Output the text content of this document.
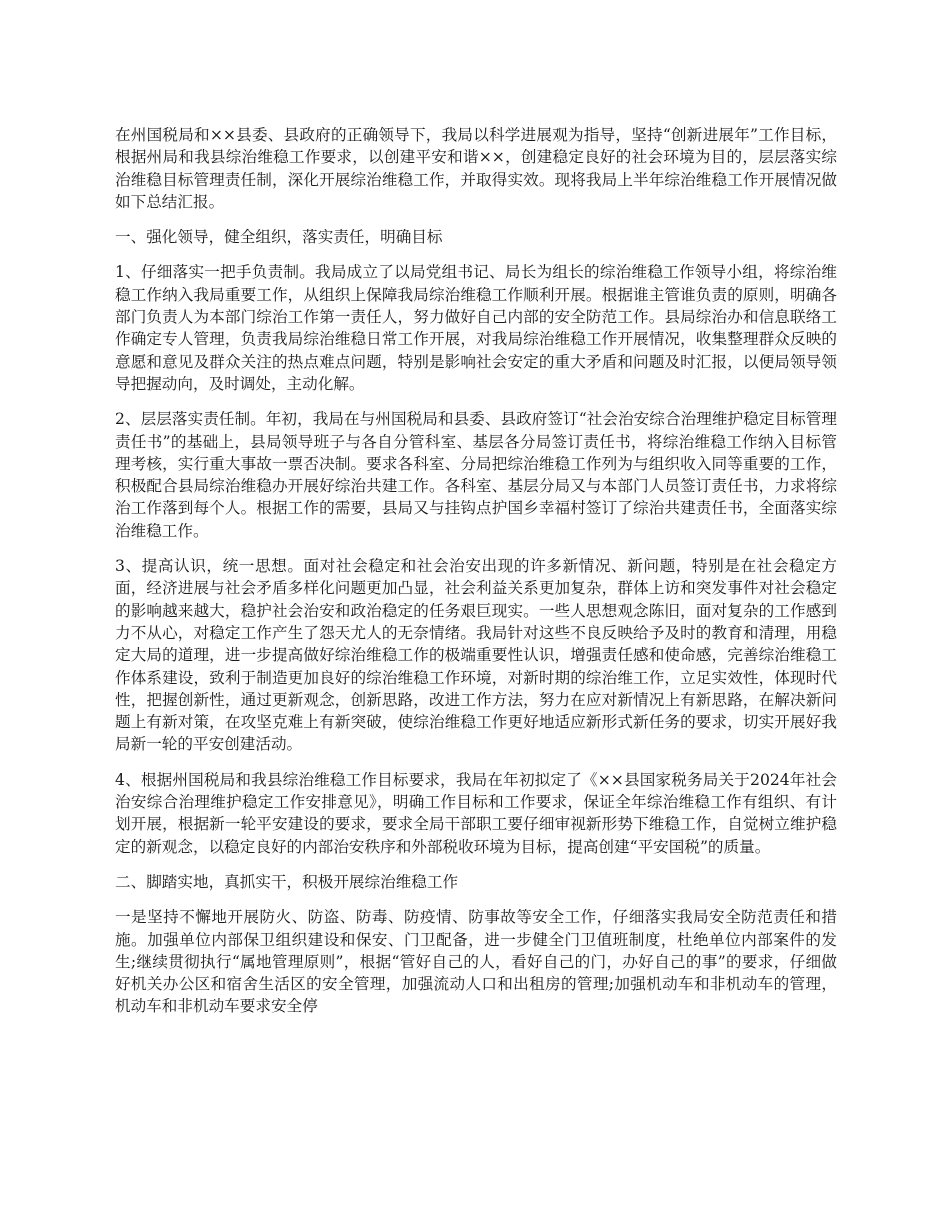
在州国税局和××县委、县政府的正确领导下，我局以科学进展观为指导，坚持“创新进展年”工作目标，根据州局和我县综治维稳工作要求，以创建平安和谐××，创建稳定良好的社会环境为目的，层层落实综治维稳目标管理责任制，深化开展综治维稳工作，并取得实效。现将我局上半年综治维稳工作开展情况做如下总结汇报。

一、强化领导，健全组织，落实责任，明确目标

1、仔细落实一把手负责制。我局成立了以局党组书记、局长为组长的综治维稳工作领导小组，将综治维稳工作纳入我局重要工作，从组织上保障我局综治维稳工作顺利开展。根据谁主管谁负责的原则，明确各部门负责人为本部门综治工作第一责任人，努力做好自己内部的安全防范工作。县局综治办和信息联络工作确定专人管理，负责我局综治维稳日常工作开展，对我局综治维稳工作开展情况，收集整理群众反映的意愿和意见及群众关注的热点难点问题，特别是影响社会安定的重大矛盾和问题及时汇报，以便局领导领导把握动向，及时调处，主动化解。

2、层层落实责任制。年初，我局在与州国税局和县委、县政府签订“社会治安综合治理维护稳定目标管理责任书”的基础上，县局领导班子与各自分管科室、基层各分局签订责任书，将综治维稳工作纳入目标管理考核，实行重大事故一票否决制。要求各科室、分局把综治维稳工作列为与组织收入同等重要的工作，积极配合县局综治维稳办开展好综治共建工作。各科室、基层分局又与本部门人员签订责任书，力求将综治工作落到每个人。根据工作的需要，县局又与挂钩点护国乡幸福村签订了综治共建责任书，全面落实综治维稳工作。

3、提高认识，统一思想。面对社会稳定和社会治安出现的许多新情况、新问题，特别是在社会稳定方面，经济进展与社会矛盾多样化问题更加凸显，社会利益关系更加复杂，群体上访和突发事件对社会稳定的影响越来越大，稳护社会治安和政治稳定的任务艰巨现实。一些人思想观念陈旧，面对复杂的工作感到力不从心，对稳定工作产生了怨天尤人的无奈情绪。我局针对这些不良反映给予及时的教育和清理，用稳定大局的道理，进一步提高做好综治维稳工作的极端重要性认识，增强责任感和使命感，完善综治维稳工作体系建设，致利于制造更加良好的综治维稳工作环境，对新时期的综治维工作，立足实效性，体现时代性，把握创新性，通过更新观念，创新思路，改进工作方法，努力在应对新情况上有新思路，在解决新问题上有新对策，在攻坚克难上有新突破，使综治维稳工作更好地适应新形式新任务的要求，切实开展好我局新一轮的平安创建活动。

4、根据州国税局和我县综治维稳工作目标要求，我局在年初拟定了《××县国家税务局关于2024年社会治安综合治理维护稳定工作安排意见》，明确工作目标和工作要求，保证全年综治维稳工作有组织、有计划开展，根据新一轮平安建设的要求，要求全局干部职工要仔细审视新形势下维稳工作，自觉树立维护稳定的新观念，以稳定良好的内部治安秩序和外部税收环境为目标，提高创建“平安国税”的质量。

二、脚踏实地，真抓实干，积极开展综治维稳工作

一是坚持不懈地开展防火、防盗、防毒、防疫情、防事故等安全工作，仔细落实我局安全防范责任和措施。加强单位内部保卫组织建设和保安、门卫配备，进一步健全门卫值班制度，杜绝单位内部案件的发生;继续贯彻执行“属地管理原则”，根据“管好自己的人，看好自己的门，办好自己的事”的要求，仔细做好机关办公区和宿舍生活区的安全管理，加强流动人口和出租房的管理;加强机动车和非机动车的管理，机动车和非机动车要求安全停
